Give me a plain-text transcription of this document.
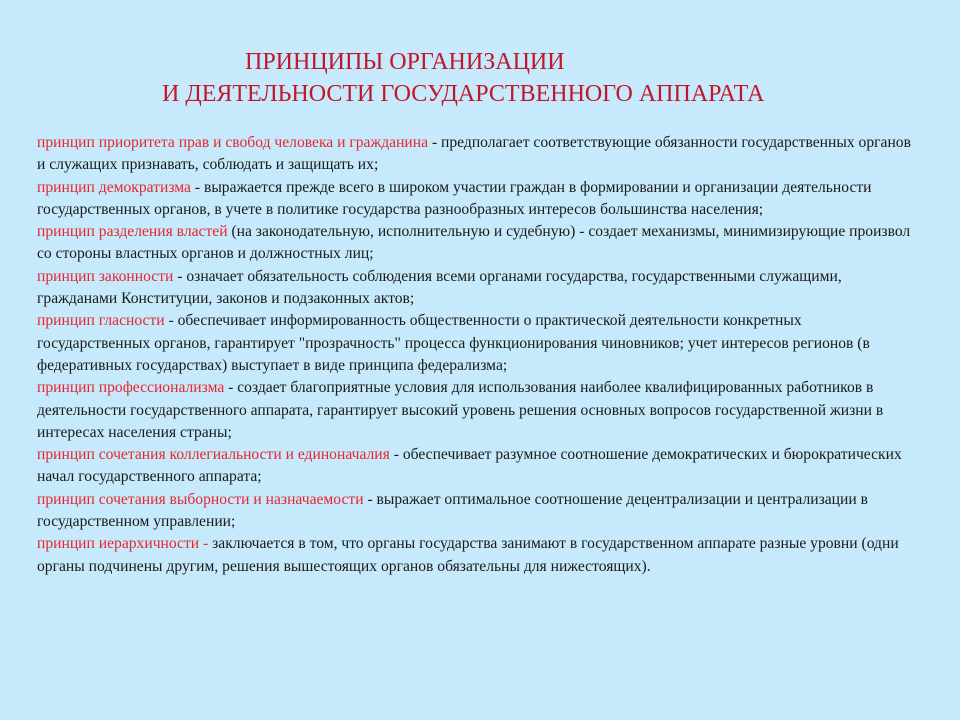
ПРИНЦИПЫ ОРГАНИЗАЦИИ
И ДЕЯТЕЛЬНОСТИ ГОСУДАРСТВЕННОГО АППАРАТА
принцип приоритета прав и свобод человека и гражданина - предполагает соответствующие обязанности государственных органов и служащих признавать, соблюдать и защищать их;
принцип демократизма - выражается прежде всего в широком участии граждан в формировании и организации деятельности государственных органов, в учете в политике государства разнообразных интересов большинства населения;
принцип разделения властей (на законодательную, исполнительную и судебную) - создает механизмы, минимизирующие произвол со стороны властных органов и должностных лиц;
принцип законности - означает обязательность соблюдения всеми органами государства, государственными служащими, гражданами Конституции, законов и подзаконных актов;
принцип гласности - обеспечивает информированность общественности о практической деятельности конкретных государственных органов, гарантирует "прозрачность" процесса функционирования чиновников; учет интересов регионов (в федеративных государствах) выступает в виде принципа федерализма;
принцип профессионализма - создает благоприятные условия для использования наиболее квалифицированных работников в деятельности государственного аппарата, гарантирует высокий уровень решения основных вопросов государственной жизни в интересах населения страны;
принцип сочетания коллегиальности и единоначалия - обеспечивает разумное соотношение демократических и бюрократических начал государственного аппарата;
принцип сочетания выборности и назначаемости - выражает оптимальное соотношение децентрализации и централизации в государственном управлении;
принцип иерархичности - заключается в том, что органы государства занимают в государственном аппарате разные уровни (одни органы подчинены другим, решения вышестоящих органов обязательны для нижестоящих).
